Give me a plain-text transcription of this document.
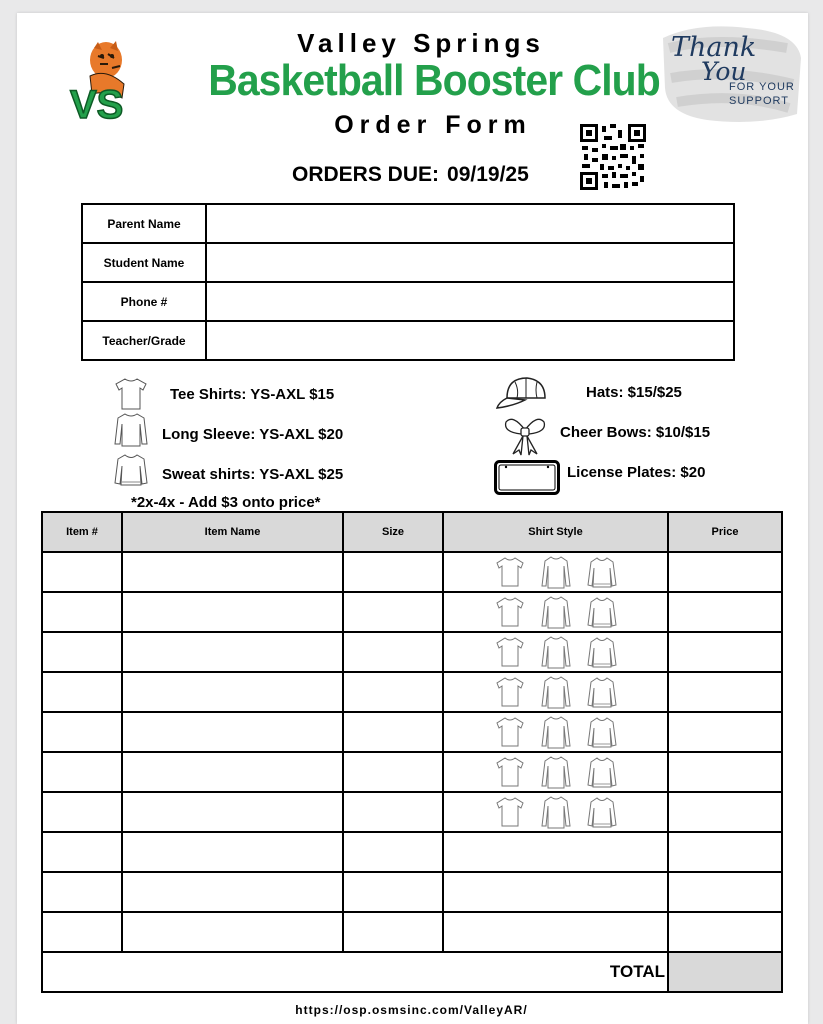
VS
Valley Springs
Basketball Booster Club
Order Form
ORDERS DUE: 09/19/25
Thank
You
FOR YOUR
SUPPORT
Parent Name	
Student Name	
Phone #	
Teacher/Grade	
Tee Shirts: YS-AXL $15
Long Sleeve: YS-AXL $20
Sweat shirts: YS-AXL $25
*2x-4x - Add $3 onto price*
Hats: $15/$25
Cheer Bows: $10/$15
License Plates: $20
Item #	Item Name	Size	Shirt Style	Price

TOTAL				
https://osp.osmsinc.com/ValleyAR/
